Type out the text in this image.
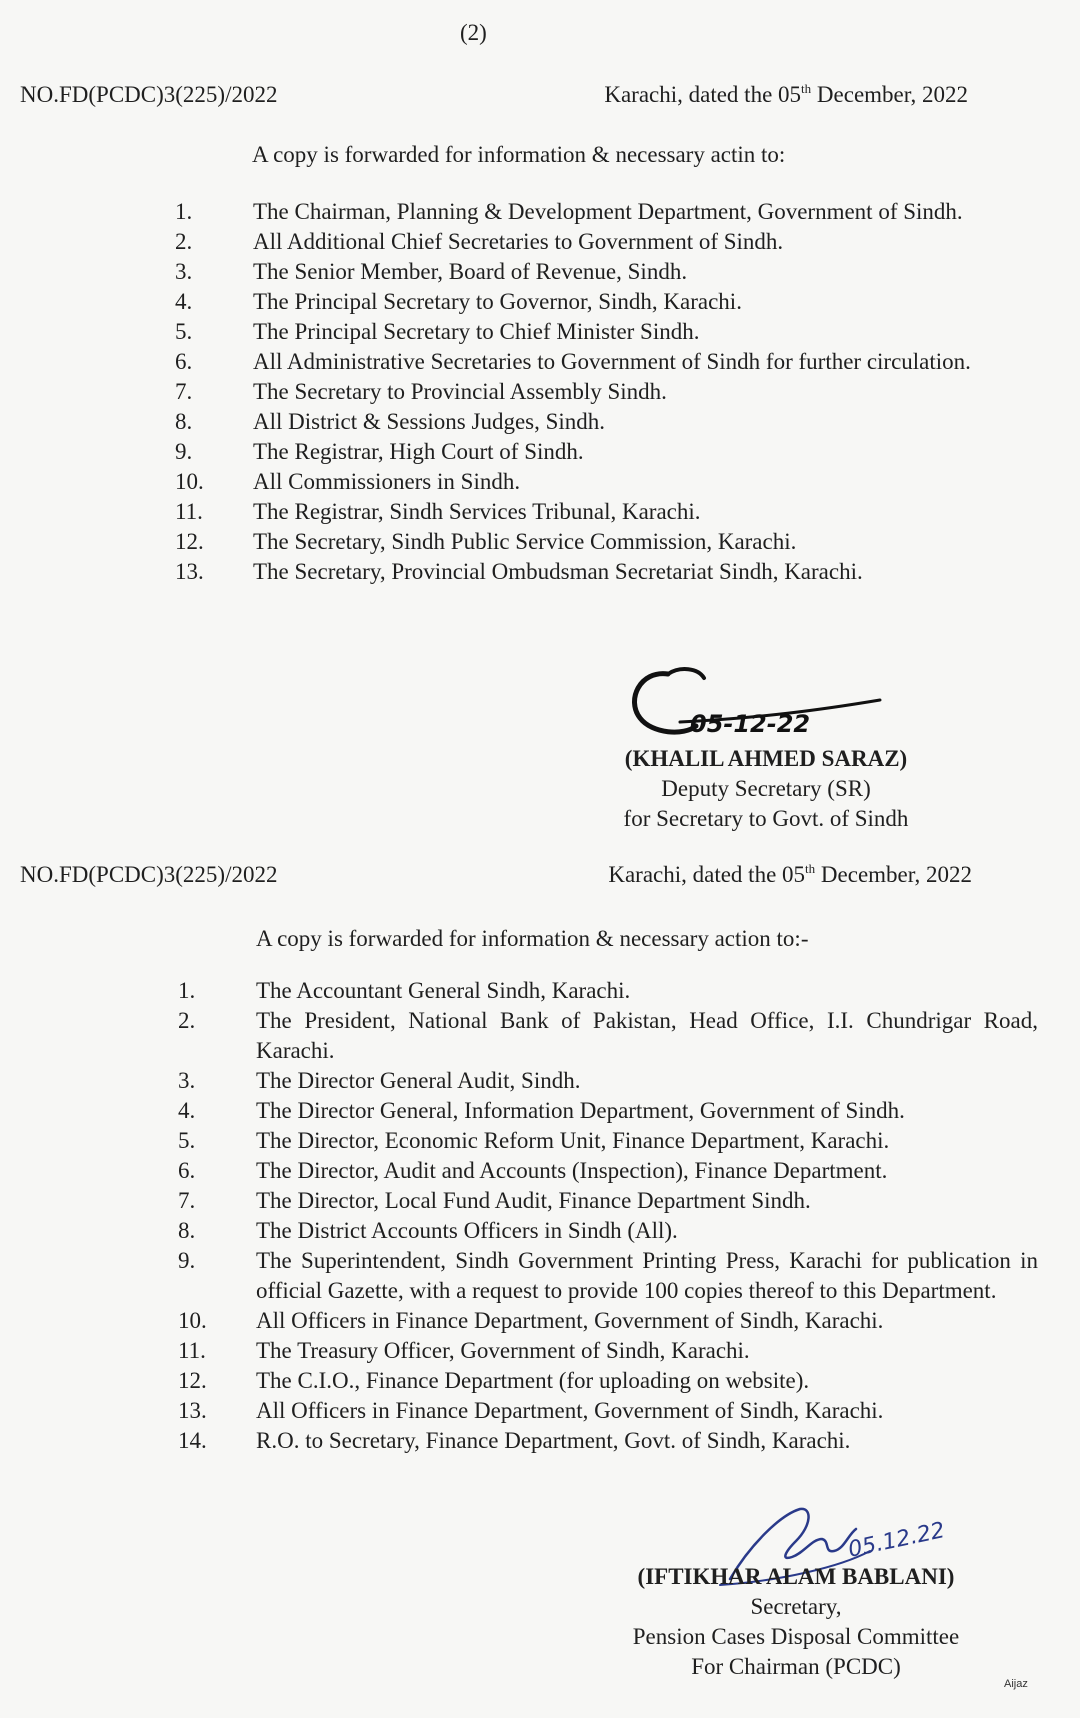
(2)
NO.FD(PCDC)3(225)/2022	Karachi, dated the 05th December, 2022
A copy is forwarded for information & necessary actin to:
1.	The Chairman, Planning & Development Department, Government of Sindh.
2.	All Additional Chief Secretaries to Government of Sindh.
3.	The Senior Member, Board of Revenue, Sindh.
4.	The Principal Secretary to Governor, Sindh, Karachi.
5.	The Principal Secretary to Chief Minister Sindh.
6.	All Administrative Secretaries to Government of Sindh for further circulation.
7.	The Secretary to Provincial Assembly Sindh.
8.	All District & Sessions Judges, Sindh.
9.	The Registrar, High Court of Sindh.
10.	All Commissioners in Sindh.
11.	The Registrar, Sindh Services Tribunal, Karachi.
12.	The Secretary, Sindh Public Service Commission, Karachi.
13.	The Secretary, Provincial Ombudsman Secretariat Sindh, Karachi.
05-12-22
(KHALIL AHMED SARAZ)
Deputy Secretary (SR)
for Secretary to Govt. of Sindh
NO.FD(PCDC)3(225)/2022	Karachi, dated the 05th December, 2022
A copy is forwarded for information & necessary action to:-
1.	The Accountant General Sindh, Karachi.
2.	The President, National Bank of Pakistan, Head Office, I.I. Chundrigar Road, Karachi.
3.	The Director General Audit, Sindh.
4.	The Director General, Information Department, Government of Sindh.
5.	The Director, Economic Reform Unit, Finance Department, Karachi.
6.	The Director, Audit and Accounts (Inspection), Finance Department.
7.	The Director, Local Fund Audit, Finance Department Sindh.
8.	The District Accounts Officers in Sindh (All).
9.	The Superintendent, Sindh Government Printing Press, Karachi for publication in official Gazette, with a request to provide 100 copies thereof to this Department.
10.	All Officers in Finance Department, Government of Sindh, Karachi.
11.	The Treasury Officer, Government of Sindh, Karachi.
12.	The C.I.O., Finance Department (for uploading on website).
13.	All Officers in Finance Department, Government of Sindh, Karachi.
14.	R.O. to Secretary, Finance Department, Govt. of Sindh, Karachi.
05.12.22
(IFTIKHAR ALAM BABLANI)
Secretary,
Pension Cases Disposal Committee
For Chairman (PCDC)
Aijaz
